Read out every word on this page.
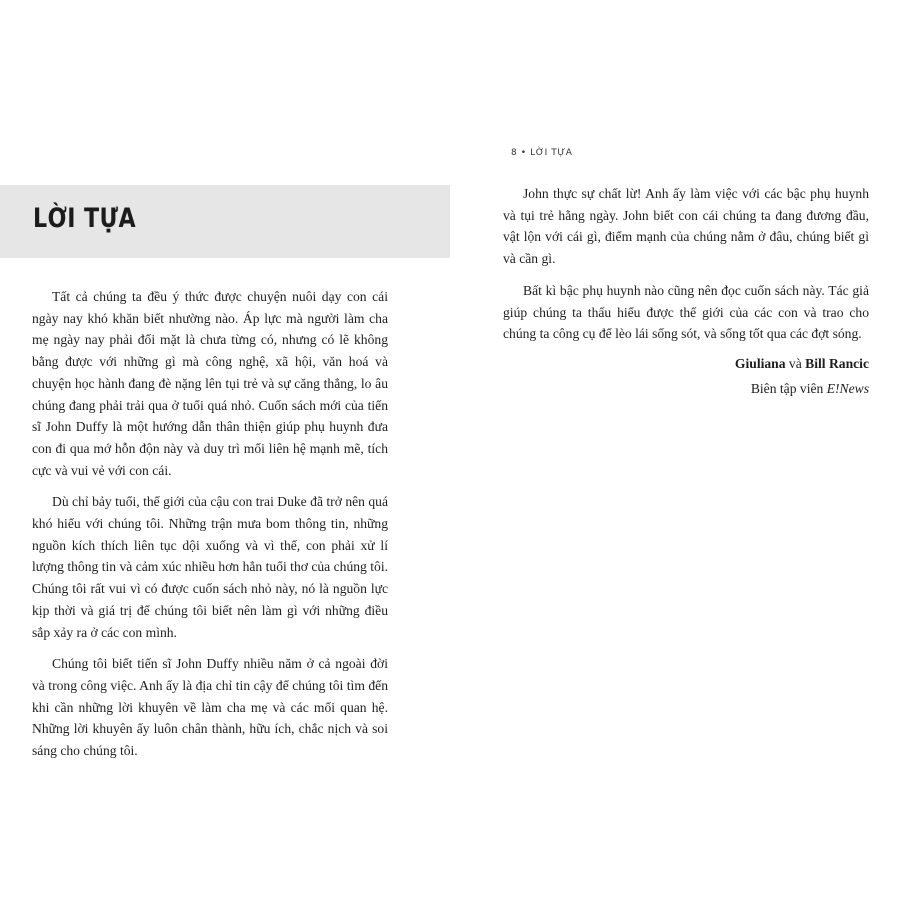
LỜI TỰA

Tất cả chúng ta đều ý thức được chuyện nuôi dạy con cái ngày nay khó khăn biết nhường nào. Áp lực mà người làm cha mẹ ngày nay phải đối mặt là chưa từng có, nhưng có lẽ không bằng được với những gì mà công nghệ, xã hội, văn hoá và chuyện học hành đang đè nặng lên tụi trẻ và sự căng thẳng, lo âu chúng đang phải trải qua ở tuổi quá nhỏ. Cuốn sách mới của tiến sĩ John Duffy là một hướng dẫn thân thiện giúp phụ huynh đưa con đi qua mớ hỗn độn này và duy trì mối liên hệ mạnh mẽ, tích cực và vui vẻ với con cái.

Dù chỉ bảy tuổi, thế giới của cậu con trai Duke đã trở nên quá khó hiểu với chúng tôi. Những trận mưa bom thông tin, những nguồn kích thích liên tục dội xuống và vì thế, con phải xử lí lượng thông tin và cảm xúc nhiều hơn hẳn tuổi thơ của chúng tôi. Chúng tôi rất vui vì có được cuốn sách nhỏ này, nó là nguồn lực kịp thời và giá trị để chúng tôi biết nên làm gì với những điều sắp xảy ra ở các con mình.

Chúng tôi biết tiến sĩ John Duffy nhiều năm ở cả ngoài đời và trong công việc. Anh ấy là địa chỉ tin cậy để chúng tôi tìm đến khi cần những lời khuyên về làm cha mẹ và các mối quan hệ. Những lời khuyên ấy luôn chân thành, hữu ích, chắc nịch và soi sáng cho chúng tôi.

8 • LỜI TỰA

John thực sự chất lừ! Anh ấy làm việc với các bậc phụ huynh và tụi trẻ hằng ngày. John biết con cái chúng ta đang đương đầu, vật lộn với cái gì, điểm mạnh của chúng nằm ở đâu, chúng biết gì và cần gì.

Bất kì bậc phụ huynh nào cũng nên đọc cuốn sách này. Tác giả giúp chúng ta thấu hiểu được thế giới của các con và trao cho chúng ta công cụ để lèo lái sống sót, và sống tốt qua các đợt sóng.

Giuliana và Bill Rancic

Biên tập viên E!News
